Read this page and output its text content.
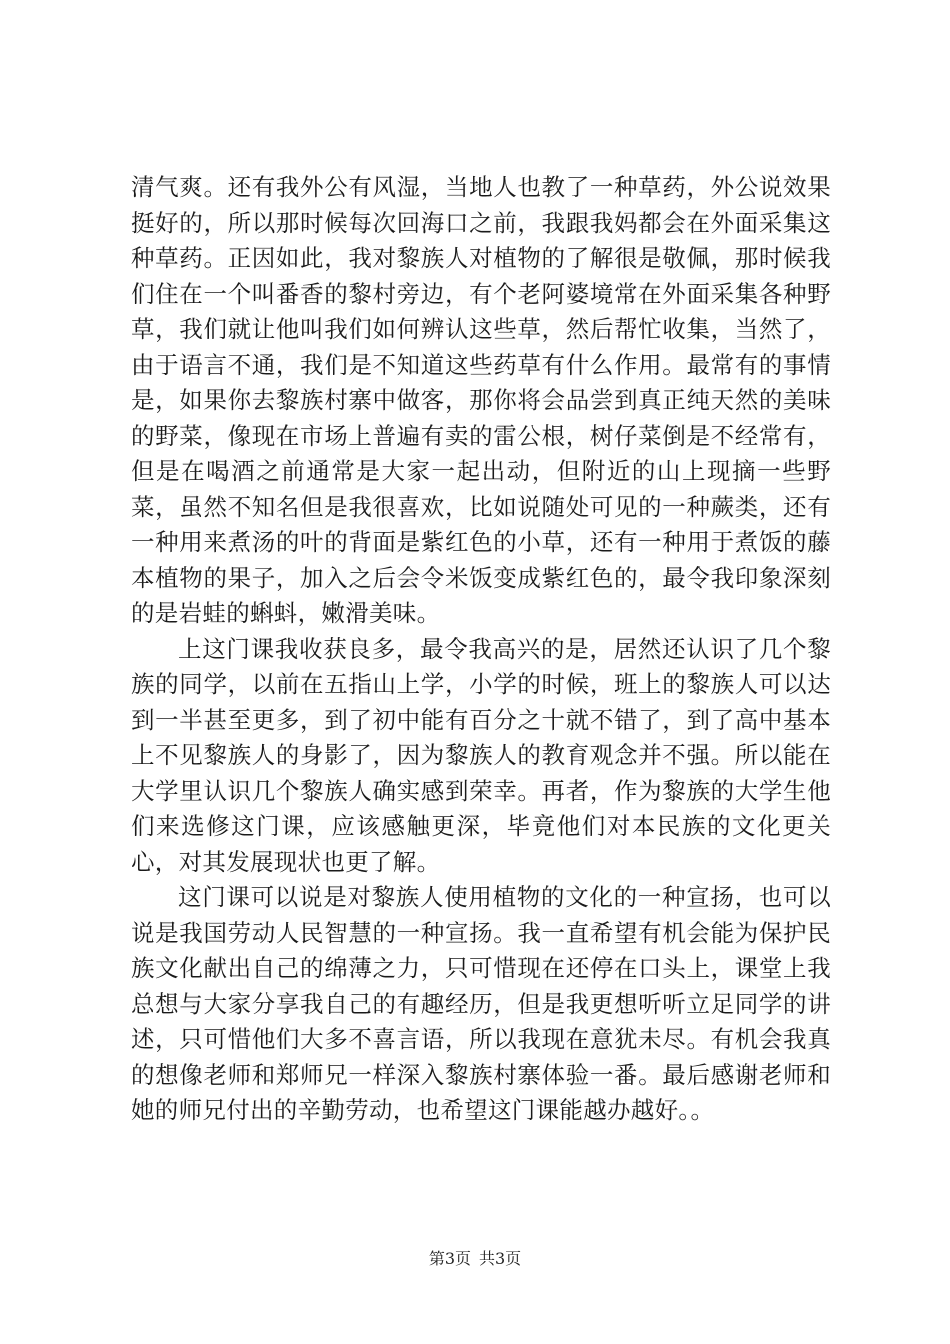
清气爽。还有我外公有风湿，当地人也教了一种草药，外公说效果挺好的，所以那时候每次回海口之前，我跟我妈都会在外面采集这种草药。正因如此，我对黎族人对植物的了解很是敬佩，那时候我们住在一个叫番香的黎村旁边，有个老阿婆境常在外面采集各种野草，我们就让他叫我们如何辨认这些草，然后帮忙收集，当然了，由于语言不通，我们是不知道这些药草有什么作用。最常有的事情是，如果你去黎族村寨中做客，那你将会品尝到真正纯天然的美味的野菜，像现在市场上普遍有卖的雷公根，树仔菜倒是不经常有，但是在喝酒之前通常是大家一起出动，但附近的山上现摘一些野菜，虽然不知名但是我很喜欢，比如说随处可见的一种蕨类，还有一种用来煮汤的叶的背面是紫红色的小草，还有一种用于煮饭的藤本植物的果子，加入之后会令米饭变成紫红色的，最令我印象深刻的是岩蛙的蝌蚪，嫩滑美味。

上这门课我收获良多，最令我高兴的是，居然还认识了几个黎族的同学，以前在五指山上学，小学的时候，班上的黎族人可以达到一半甚至更多，到了初中能有百分之十就不错了，到了高中基本上不见黎族人的身影了，因为黎族人的教育观念并不强。所以能在大学里认识几个黎族人确实感到荣幸。再者，作为黎族的大学生他们来选修这门课，应该感触更深，毕竟他们对本民族的文化更关心，对其发展现状也更了解。

这门课可以说是对黎族人使用植物的文化的一种宣扬，也可以说是我国劳动人民智慧的一种宣扬。我一直希望有机会能为保护民族文化献出自己的绵薄之力，只可惜现在还停在口头上，课堂上我总想与大家分享我自己的有趣经历，但是我更想听听立足同学的讲述，只可惜他们大多不喜言语，所以我现在意犹未尽。有机会我真的想像老师和郑师兄一样深入黎族村寨体验一番。最后感谢老师和她的师兄付出的辛勤劳动，也希望这门课能越办越好。。

第3页 共3页
